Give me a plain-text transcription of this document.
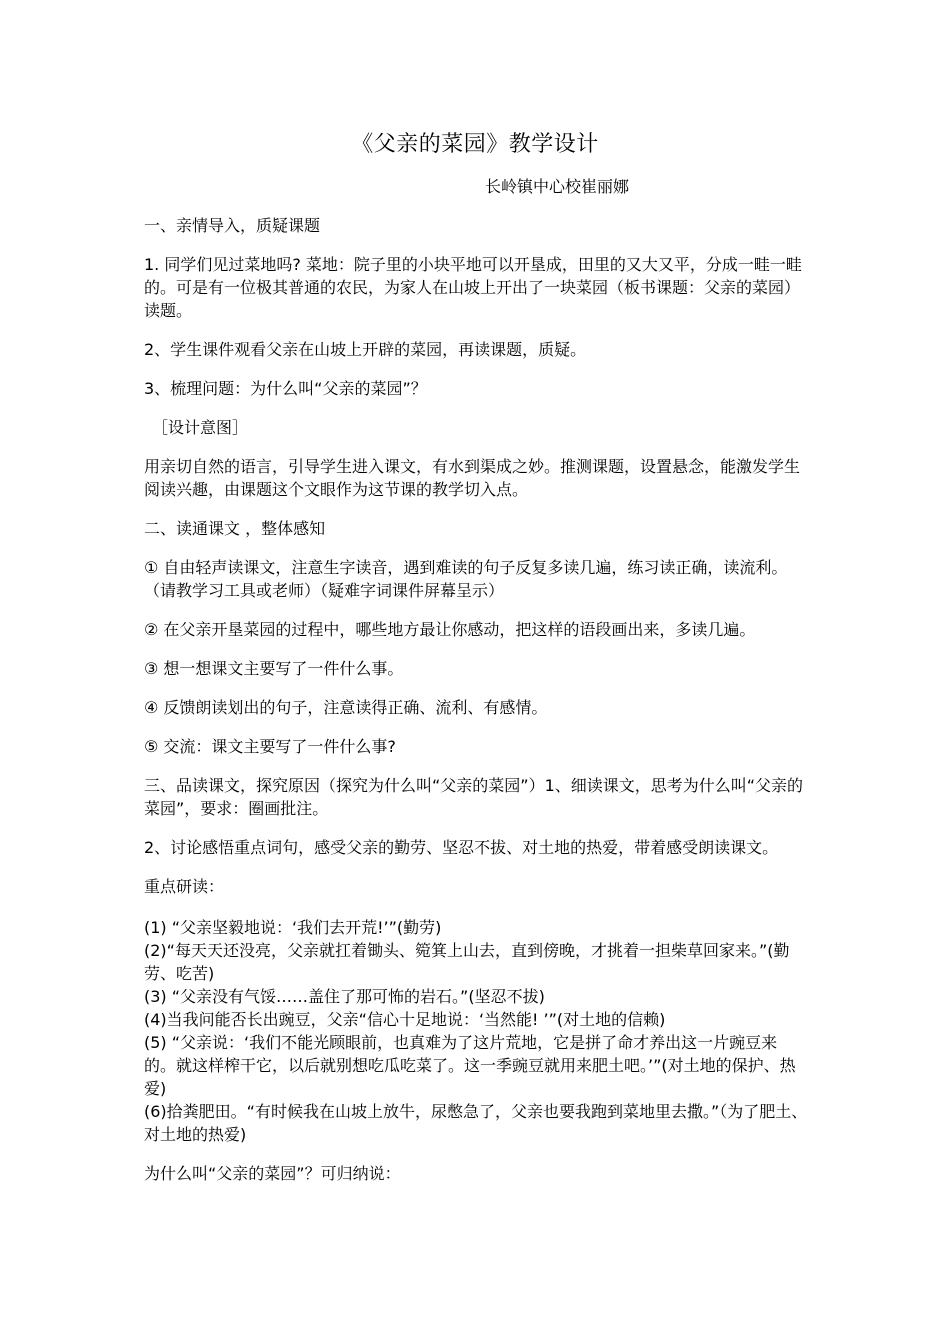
《父亲的菜园》教学设计
长岭镇中心校崔丽娜

一、亲情导入，质疑课题

1. 同学们见过菜地吗? 菜地：院子里的小块平地可以开垦成，田里的又大又平，分成一畦一畦的。可是有一位极其普通的农民，为家人在山坡上开出了一块菜园（板书课题：父亲的菜园）读题。

2、学生课件观看父亲在山坡上开辟的菜园，再读课题，质疑。

3、梳理问题：为什么叫“父亲的菜园”？

［设计意图］

用亲切自然的语言，引导学生进入课文，有水到渠成之妙。推测课题，设置悬念，能激发学生阅读兴趣，由课题这个文眼作为这节课的教学切入点。

二、读通课文 ，整体感知

① 自由轻声读课文，注意生字读音，遇到难读的句子反复多读几遍，练习读正确，读流利。（请教学习工具或老师）（疑难字词课件屏幕呈示）

② 在父亲开垦菜园的过程中，哪些地方最让你感动，把这样的语段画出来，多读几遍。

③ 想一想课文主要写了一件什么事。

④ 反馈朗读划出的句子，注意读得正确、流利、有感情。

⑤ 交流：课文主要写了一件什么事?

三、品读课文，探究原因（探究为什么叫“父亲的菜园”）1、细读课文，思考为什么叫“父亲的菜园”，要求：圈画批注。

2、讨论感悟重点词句，感受父亲的勤劳、坚忍不拔、对土地的热爱，带着感受朗读课文。

重点研读：

(1) “父亲坚毅地说：‘我们去开荒!’”(勤劳)

(2)“每天天还没亮，父亲就扛着锄头、箢箕上山去，直到傍晚，才挑着一担柴草回家来。”(勤劳、吃苦)

(3) “父亲没有气馁……盖住了那可怖的岩石。”(坚忍不拔)

(4)当我问能否长出豌豆，父亲“信心十足地说：‘当然能! ’”(对土地的信赖)

(5) “父亲说：‘我们不能光顾眼前，也真难为了这片荒地，它是拼了命才养出这一片豌豆来的。就这样榨干它，以后就别想吃瓜吃菜了。这一季豌豆就用来肥土吧。’”(对土地的保护、热爱)

(6)拾粪肥田。“有时候我在山坡上放牛，尿憋急了，父亲也要我跑到菜地里去撒。”（为了肥土、对土地的热爱)

为什么叫“父亲的菜园”？可归纳说：
